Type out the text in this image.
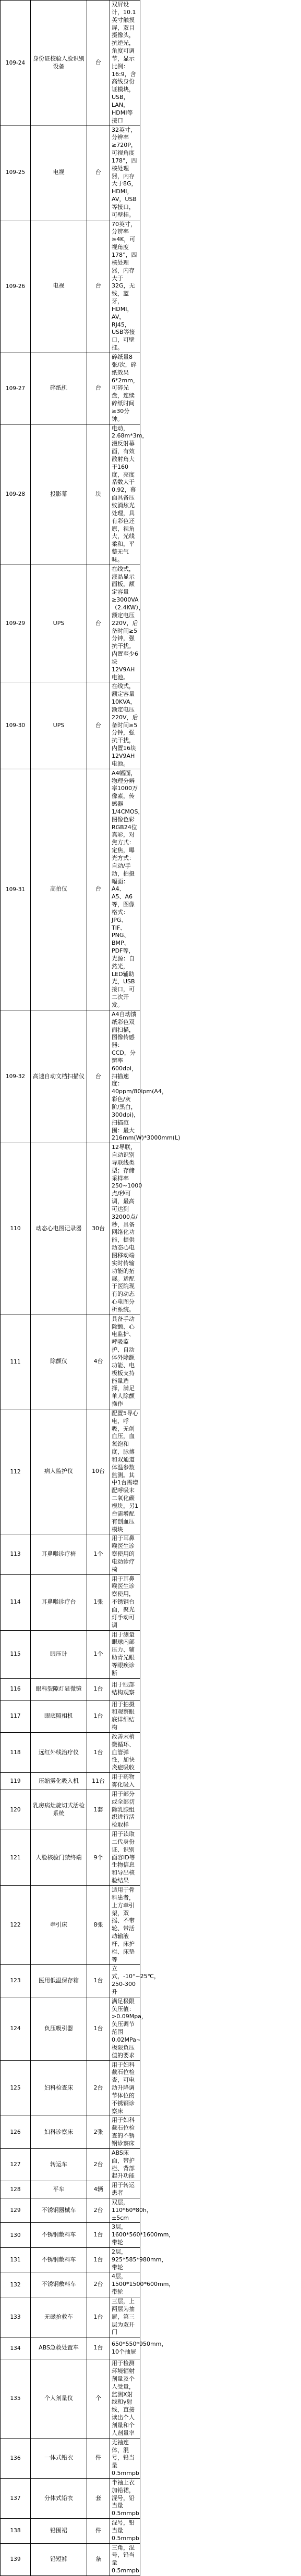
109-24	身份证校验人脸识别设备	台		双屏设计，10.1英寸触摸屏，双目摄像头，抗逆光，角度可调节，显示比例：16:9，含高线身份证模块，USB，LAN，HDMI等接口
109-25	电视	台		32英寸，分辨率≥720P，可视角度178°，四核处理器，内存大于8G，HDMI，AV，USB等接口，可壁挂。
109-26	电视	台		70英寸，分辨率≥4K，可视角度178°，四核处理器，内存大于32G，无线，蓝牙，HDMI，AV，RJ45，USB等接口，可壁挂。
109-27	碎纸机	台		碎纸量8张/次，碎纸效果6*2mm，可碎光盘，连续碎纸时间≥30分钟。
109-28	投影幕	块		电动，2.68m*3m，漫反射幕面，有效散射角大于160度，亮度系数大于0.92，幕面具备压纹消炫光处理，具有彩色还原，视角大，光线柔和，平整无气味。
109-29	UPS	台		在线式，液晶显示面板，额定容量≥3000VA（2.4KW），额定电压220V，后备时间≥5分钟，强抗干扰。内置至少6块12V9AH电池。
109-30	UPS	台		在线式，额定容量10KVA，额定电压220V，后备时间≥5分钟，强抗干扰，内置16块12V9AH电池。
109-31	高拍仪	台		A4幅面，物理分辨率1000万像素，传感器1/4CMOS，图像色彩RGB24位真彩，对焦方式：定焦，曝光方式：自动/手动，拍摄幅面：A4、A5、A6等，图像格式：JPG、TIF、PNG、BMP、PDF等，光源：自然光，LED辅助光，USB接口，可二次开发。
109-32	高速自动文档扫描仪	台		A4自动馈纸彩色双面扫描，图像传感器：CCD，分辨率600dpi，扫描速度：40ppm/80ipm(A4，彩色/灰阶/黑白，300dpi)，扫描范围：最大216mm(W)*3000mm(L)
110	动态心电图记录器	30台		12导联，自动识别导联线类型；存储采样率250~1000点/秒可调，最高可达到32000点/秒，具备网络化功能，提供动态心电图移动端实时传输功能的拓展。适配于医院现有的动态心电图分析系统。
111	除颤仪	4台		具备手动除颤、心电监护、呼吸监护、自动体外除颤功能、电极板支持能量选择，满足单人除颤操作
112	病人监护仪	10台		配置5导心电，呼吸，无创血压，血氧饱和度，脉搏和双通道体温参数监测。其中1台需增配呼吸末二氧化碳模块，另1台需增配有创血压模块
113	耳鼻喉诊疗椅	1个		用于耳鼻喉医生诊察使用的电动诊疗椅
114	耳鼻喉诊疗台	1张		用于耳鼻喉医生诊察使用，不锈钢台面，聚光灯手动可调
115	眼压计	1个		用于测量眼球内部压力、辅助青光眼等眼疾诊断
116	眼科裂隙灯显微镜	1台		用于眼部结构观察
117	眼底照相机	1台		用于拍摄和观察眼底详细结构
118	远红外线治疗仪	1台		改善末梢微循环、血管弹性，加快炎症吸收
119	压缩雾化吸入机	11台		用于药物雾化吸入
120	乳房病灶旋切式活检系统	1套		用于部分或全部切除乳腺组织进行活检取样
121	人脸核验门禁终端	9个		用于读取二代身份证、识别面容ID等生物信息和导出核验结果
122	牵引床	8张		适用于骨科患者，上方牵引架，双摇、不带轮、带活动输液杆、床护栏、床垫等
123	医用低温保存箱	1台		立式，-10°~25℃，250-300升
124	负压吸引器	1台		满足极限负压值：>0.09Mpa，负压调节范围0.02MPa~极限负压值的要求
125	妇科检查床	2台		用于妇科截石位检查，可电动升降调节体位的不锈钢诊察床
126	妇科诊察床	2张		用于妇科截石位检查的不锈钢诊察床
127	转运车	2台		ABS床面，带护栏、背部起升功能
128	平车	4辆		用于转运患者
129	不锈钢器械车	2台		双层，110*60*80h，±5cm
130	不锈钢敷料车	1台		3层，1600*560*1600mm，带轮
131	不锈钢敷料车	1台		2层，925*585*980mm，带轮
132	不锈钢敷料车	2台		4层，1500*1500*600mm，带轮
133	无磁抢救车	1台		三层，上两层为抽屉，第三层为双开门
134	ABS急救处置车	1台		650*550*950mm，10个抽屉
135	个人剂量仪	个		用于检测环境辐射剂量及个人受量，监测X射线和γ射线，直接读出个人剂量和个人剂量率
136	一体式铅衣	件		无袖连体，混号，铅当量0.5mmpb
137	分体式铅衣	套		半袖上衣加铅裙，混号，铅当量0.5mmpb
138	铅围裙	件		混号，铅当量0.5mmpb
139	铅短裤	条		三角，混号，铅当量0.5mmpb
